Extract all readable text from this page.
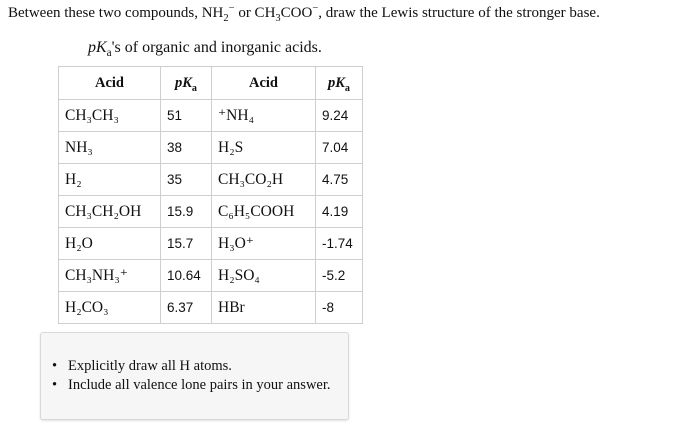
Between these two compounds, $NH_2^-$ or $CH_3COO^-$, draw the Lewis structure of the stronger base.
$pK_a's$ of organic and inorganic acids.
Acid	$pK_a$	Acid	$pK_a$
CH₃CH₃	51	⁺NH₄	9.24
NH₃	38	H₂S	7.04
H₂	35	CH₃CO₂H	4.75
CH₃CH₂OH	15.9	C₆H₅COOH	4.19
H₂O	15.7	H₃O⁺	-1.74
CH₃NH₃⁺	10.64	H₂SO₄	-5.2
H₂CO₃	6.37	HBr	-8
• Explicitly draw all H atoms.
• Include all valence lone pairs in your answer.
